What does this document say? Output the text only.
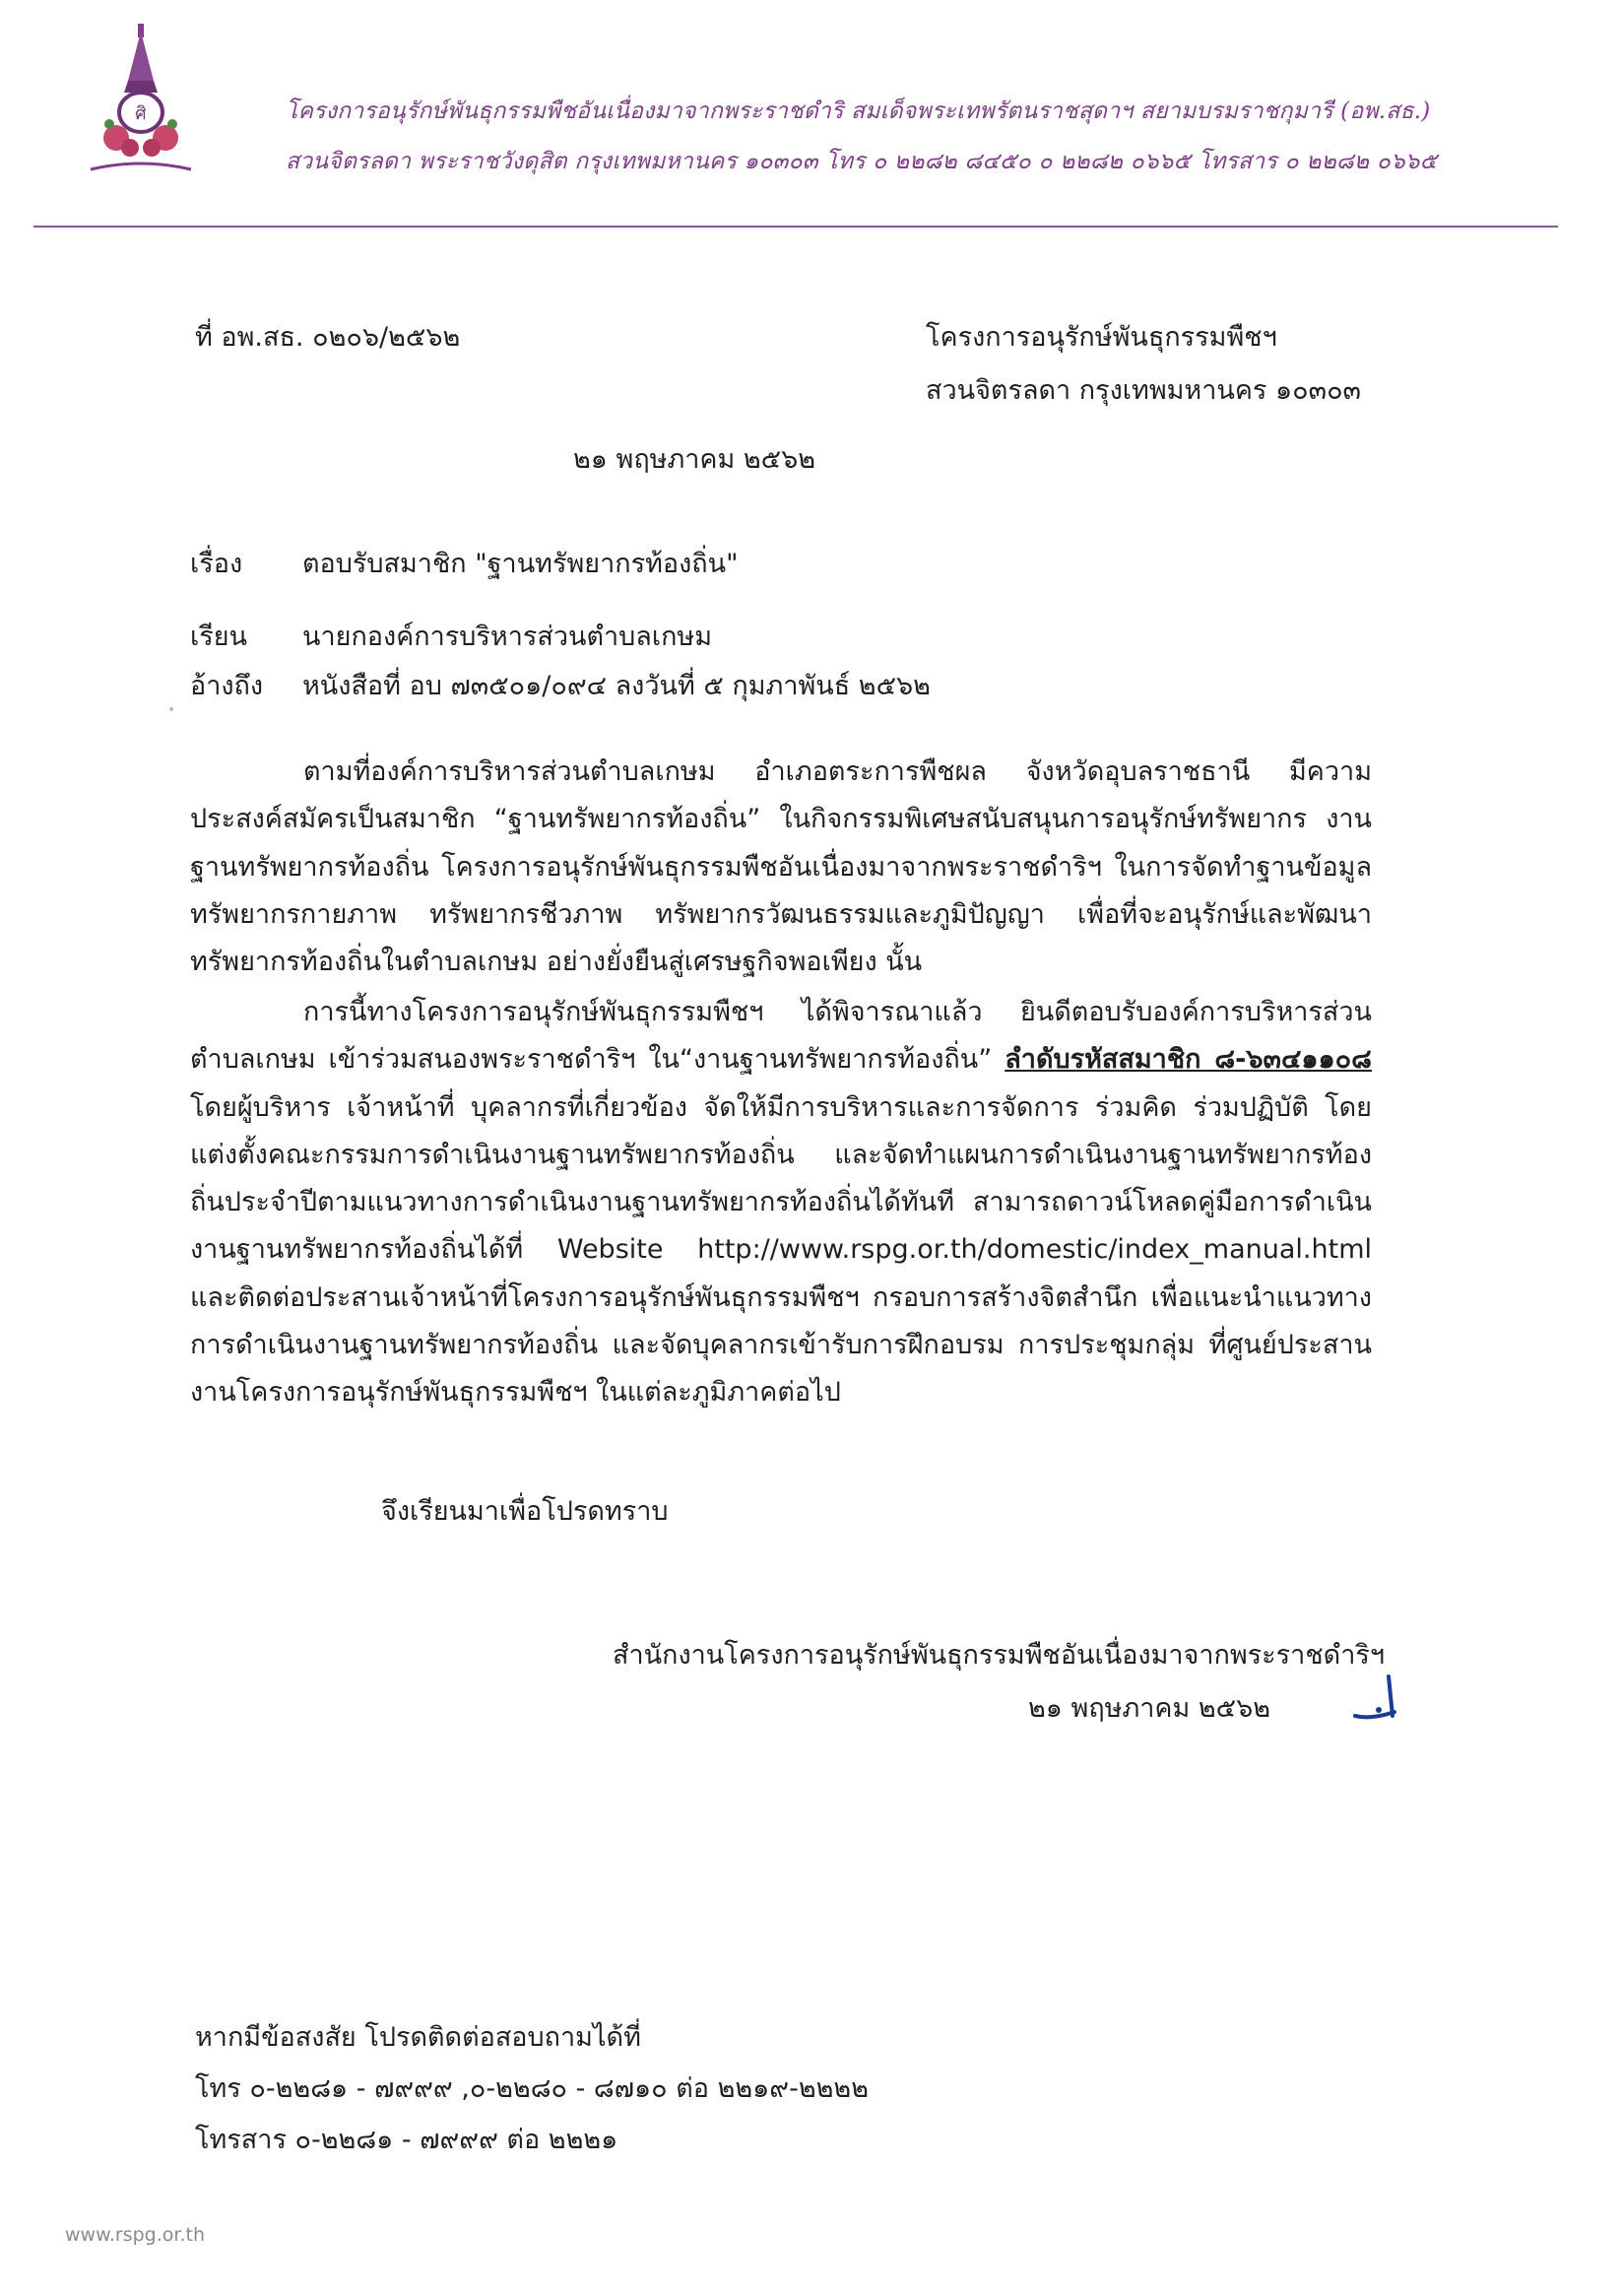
ศิ	โครงการอนุรักษ์พันธุกรรมพืชอันเนื่องมาจากพระราชดำริ สมเด็จพระเทพรัตนราชสุดาฯ สยามบรมราชกุมารี (อพ.สธ.)
สวนจิตรลดา พระราชวังดุสิต กรุงเทพมหานคร ๑๐๓๐๓ โทร ๐ ๒๒๘๒ ๘๔๕๐ ๐ ๒๒๘๒ ๐๖๖๕ โทรสาร ๐ ๒๒๘๒ ๐๖๖๕
ที่ อพ.สธ. ๐๒๐๖/๒๕๖๒	โครงการอนุรักษ์พันธุกรรมพืชฯ
สวนจิตรลดา กรุงเทพมหานคร ๑๐๓๐๓
๒๑ พฤษภาคม ๒๕๖๒
เรื่อง ตอบรับสมาชิก "ฐานทรัพยากรท้องถิ่น"
เรียน นายกองค์การบริหารส่วนตำบลเกษม
อ้างถึง หนังสือที่ อบ ๗๓๕๐๑/๐๙๔ ลงวันที่ ๕ กุมภาพันธ์ ๒๕๖๒
ตามที่องค์การบริหารส่วนตำบลเกษม อำเภอตระการพืชผล จังหวัดอุบลราชธานี มีความประสงค์สมัครเป็นสมาชิก “ฐานทรัพยากรท้องถิ่น” ในกิจกรรมพิเศษสนับสนุนการอนุรักษ์ทรัพยากร งานฐานทรัพยากรท้องถิ่น โครงการอนุรักษ์พันธุกรรมพืชอันเนื่องมาจากพระราชดำริฯ ในการจัดทำฐานข้อมูล ทรัพยากรกายภาพ ทรัพยากรชีวภาพ ทรัพยากรวัฒนธรรมและภูมิปัญญา เพื่อที่จะอนุรักษ์และพัฒนาทรัพยากรท้องถิ่นในตำบลเกษม อย่างยั่งยืนสู่เศรษฐกิจพอเพียง นั้น
การนี้ทางโครงการอนุรักษ์พันธุกรรมพืชฯ ได้พิจารณาแล้ว ยินดีตอบรับองค์การบริหารส่วนตำบลเกษม เข้าร่วมสนองพระราชดำริฯ ใน“งานฐานทรัพยากรท้องถิ่น” ลำดับรหัสสมาชิก ๘-๖๓๔๑๑๐๘ โดยผู้บริหาร เจ้าหน้าที่ บุคลากรที่เกี่ยวข้อง จัดให้มีการบริหารและการจัดการ ร่วมคิด ร่วมปฏิบัติ โดยแต่งตั้งคณะกรรมการดำเนินงานฐานทรัพยากรท้องถิ่น และจัดทำแผนการดำเนินงานฐานทรัพยากรท้องถิ่นประจำปีตามแนวทางการดำเนินงานฐานทรัพยากรท้องถิ่นได้ทันที สามารถดาวน์โหลดคู่มือการดำเนินงานฐานทรัพยากรท้องถิ่นได้ที่ Website http://www.rspg.or.th/domestic/index_manual.html และติดต่อประสานเจ้าหน้าที่โครงการอนุรักษ์พันธุกรรมพืชฯ กรอบการสร้างจิตสำนึก เพื่อแนะนำแนวทางการดำเนินงานฐานทรัพยากรท้องถิ่น และจัดบุคลากรเข้ารับการฝึกอบรม การประชุมกลุ่ม ที่ศูนย์ประสานงานโครงการอนุรักษ์พันธุกรรมพืชฯ ในแต่ละภูมิภาคต่อไป
จึงเรียนมาเพื่อโปรดทราบ
สำนักงานโครงการอนุรักษ์พันธุกรรมพืชอันเนื่องมาจากพระราชดำริฯ
๒๑ พฤษภาคม ๒๕๖๒
หากมีข้อสงสัย โปรดติดต่อสอบถามได้ที่
โทร ๐-๒๒๘๑ - ๗๙๙๙ ,๐-๒๒๘๐ - ๘๗๑๐ ต่อ ๒๒๑๙-๒๒๒๒
โทรสาร ๐-๒๒๘๑ - ๗๙๙๙ ต่อ ๒๒๒๑
www.rspg.or.th
